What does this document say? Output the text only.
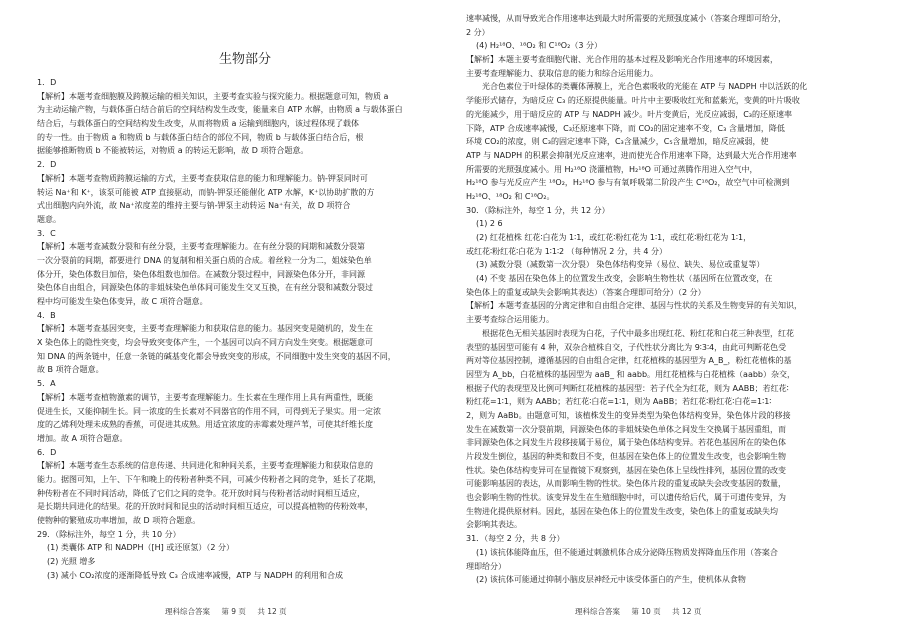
生物部分
1．D
【解析】本题考查细胞膜及跨膜运输的相关知识，主要考查实验与探究能力。根据题意可知，物质 a
为主动运输产物，与载体蛋白结合前后的空间结构发生改变，能量来自 ATP 水解，由物质 a 与载体蛋白
结合后，与载体蛋白的空间结构发生改变，从而将物质 a 运输到细胞内，该过程体现了载体
的专一性。由于物质 a 和物质 b 与载体蛋白结合的部位不同，物质 b 与载体蛋白结合后，根
据能够推断物质 b 不能被转运，对物质 a 的转运无影响，故 D 项符合题意。
2．D
【解析】本题考查物质跨膜运输的方式，主要考查获取信息的能力和理解能力。钠-钾泵同时可
转运 Na⁺和 K⁺，该泵可能被 ATP 直接驱动，而钠-钾泵还能催化 ATP 水解，K⁺以协助扩散的方
式出细胞内向外流，故 Na⁺浓度差的维持主要与钠-钾泵主动转运 Na⁺有关，故 D 项符合
题意。
3．C
【解析】本题考查减数分裂和有丝分裂，主要考查理解能力。在有丝分裂的间期和减数分裂第
一次分裂前的间期，都要进行 DNA 的复制和相关蛋白质的合成。着丝粒一分为二，姐妹染色单
体分开，染色体数目加倍，染色体组数也加倍。在减数分裂过程中，同源染色体分开，非同源
染色体自由组合，同源染色体的非姐妹染色单体间可能发生交叉互换，在有丝分裂和减数分裂过
程中均可能发生染色体变异，故 C 项符合题意。
4．B
【解析】本题考查基因突变，主要考查理解能力和获取信息的能力。基因突变是随机的，发生在
X 染色体上的隐性突变，均会导致突变体产生，一个基因可以向不同方向发生突变。根据题意可
知 DNA 的两条链中，任意一条链的碱基变化都会导致突变的形成，不同细胞中发生突变的基因不同，
故 B 项符合题意。
5．A
【解析】本题考查植物激素的调节，主要考查理解能力。生长素在生理作用上具有两重性，既能
促进生长，又能抑制生长。同一浓度的生长素对不同器官的作用不同，可得到无子果实。用一定浓
度的乙烯利处理未成熟的香蕉，可促进其成熟。用适宜浓度的赤霉素处理芦苇，可使其纤维长度
增加。故 A 项符合题意。
6．D
【解析】本题考查生态系统的信息传递、共同进化和种间关系，主要考查理解能力和获取信息的
能力。据图可知，上午、下午和晚上的传粉者种类不同，可减少传粉者之间的竞争，延长了花期，
种传粉者在不同时间活动，降低了它们之间的竞争。花开放时间与传粉者活动时间相互适应，
是长期共同进化的结果。花的开放时间和昆虫的活动时间相互适应，可以提高植物的传粉效率，
使物种的繁殖成功率增加，故 D 项符合题意。
29．（除标注外，每空 1 分，共 10 分）
(1) 类囊体 ATP 和 NADPH（[H] 或还原氢）（2 分）
(2) 光照 增多
(3) 减小 CO₂浓度的逐渐降低导致 C₃ 合成速率减慢，ATP 与 NADPH 的利用和合成
理科综合答案 第 9 页 共 12 页
速率减慢，从而导致光合作用速率达到最大时所需要的光照强度减小（答案合理即可给分，
2 分）
(4) H₂¹⁸O、¹⁸O₂ 和 C¹⁸O₂（3 分）
【解析】本题主要考查细胞代谢、光合作用的基本过程及影响光合作用速率的环境因素，
主要考查理解能力、获取信息的能力和综合运用能力。
光合色素位于叶绿体的类囊体薄膜上，光合色素吸收的光能在 ATP 与 NADPH 中以活跃的化
学能形式储存，为暗反应 C₃ 的还原提供能量。叶片中主要吸收红光和蓝紫光，变黄的叶片吸收
的光能减少，用于暗反应的 ATP 与 NADPH 减少。叶片变黄后，光反应减弱，C₃的还原速率
下降，ATP 合成速率减慢，C₃还原速率下降，而 CO₂的固定速率不变，C₃ 含量增加，降低
环境 CO₂的浓度，则 C₃的固定速率下降，C₃含量减少，C₅含量增加，暗反应减弱，使
ATP 与 NADPH 的积累会抑制光反应速率，进而使光合作用速率下降，达到最大光合作用速率
所需要的光照强度减小。用 H₂¹⁸O 浇灌植物，H₂¹⁸O 可通过蒸腾作用进入空气中，
H₂¹⁸O 参与光反应产生 ¹⁸O₂，H₂¹⁸O 参与有氧呼吸第二阶段产生 C¹⁸O₂，故空气中可检测到
H₂¹⁸O、¹⁸O₂ 和 C¹⁸O₂。
30．（除标注外，每空 1 分，共 12 分）
(1) 2 6
(2) 红花植株 红花∶白花为 1∶1，或红花∶粉红花为 1∶1，或红花∶粉红花为 1∶1，
或红花∶粉红花∶白花为 1∶1∶2 （每种情况 2 分，共 4 分）
(3) 减数分裂（减数第一次分裂） 染色体结构变异（易位、缺失、易位或重复等）
(4) 不变 基因在染色体上的位置发生改变，会影响生物性状（基因所在位置改变，在
染色体上的重复或缺失会影响其表达）（答案合理即可给分）（2 分）
【解析】本题考查基因的分离定律和自由组合定律、基因与性状的关系及生物变异的有关知识，
主要考查综合运用能力。
根据花色无相关基因时表现为白花，子代中最多出现红花、粉红花和白花三种表型，红花
表型的基因型可能有 4 种，双杂合植株自交，子代性状分离比为 9∶3∶4，由此可判断花色受
两对等位基因控制，遵循基因的自由组合定律，红花植株的基因型为 A_B_，粉红花植株的基
因型为 A_bb，白花植株的基因型为 aaB_ 和 aabb。用红花植株与白花植株（aabb）杂交，
根据子代的表现型及比例可判断红花植株的基因型：若子代全为红花，则为 AABB；若红花∶
粉红花=1∶1，则为 AABb；若红花∶白花=1∶1，则为 AaBB；若红花∶粉红花∶白花=1∶1∶
2，则为 AaBb。由题意可知，该植株发生的变异类型为染色体结构变异，染色体片段的移接
发生在减数第一次分裂前期，同源染色体的非姐妹染色单体之间发生交换属于基因重组，而
非同源染色体之间发生片段移接属于易位，属于染色体结构变异。若花色基因所在的染色体
片段发生倒位，基因的种类和数目不变，但基因在染色体上的位置发生改变，也会影响生物
性状。染色体结构变异可在显微镜下观察到，基因在染色体上呈线性排列，基因位置的改变
可能影响基因的表达，从而影响生物的性状。染色体片段的重复或缺失会改变基因的数量，
也会影响生物的性状。该变异发生在生殖细胞中时，可以遗传给后代，属于可遗传变异，为
生物进化提供原材料。因此，基因在染色体上的位置发生改变，染色体上的重复或缺失均
会影响其表达。
31．（每空 2 分，共 8 分）
(1) 该抗体能降血压，但不能通过刺激机体合成分泌降压物质发挥降血压作用（答案合
理即给分）
(2) 该抗体可能通过抑制小脑皮层神经元中该受体蛋白的产生，使机体从食物
理科综合答案 第 10 页 共 12 页
